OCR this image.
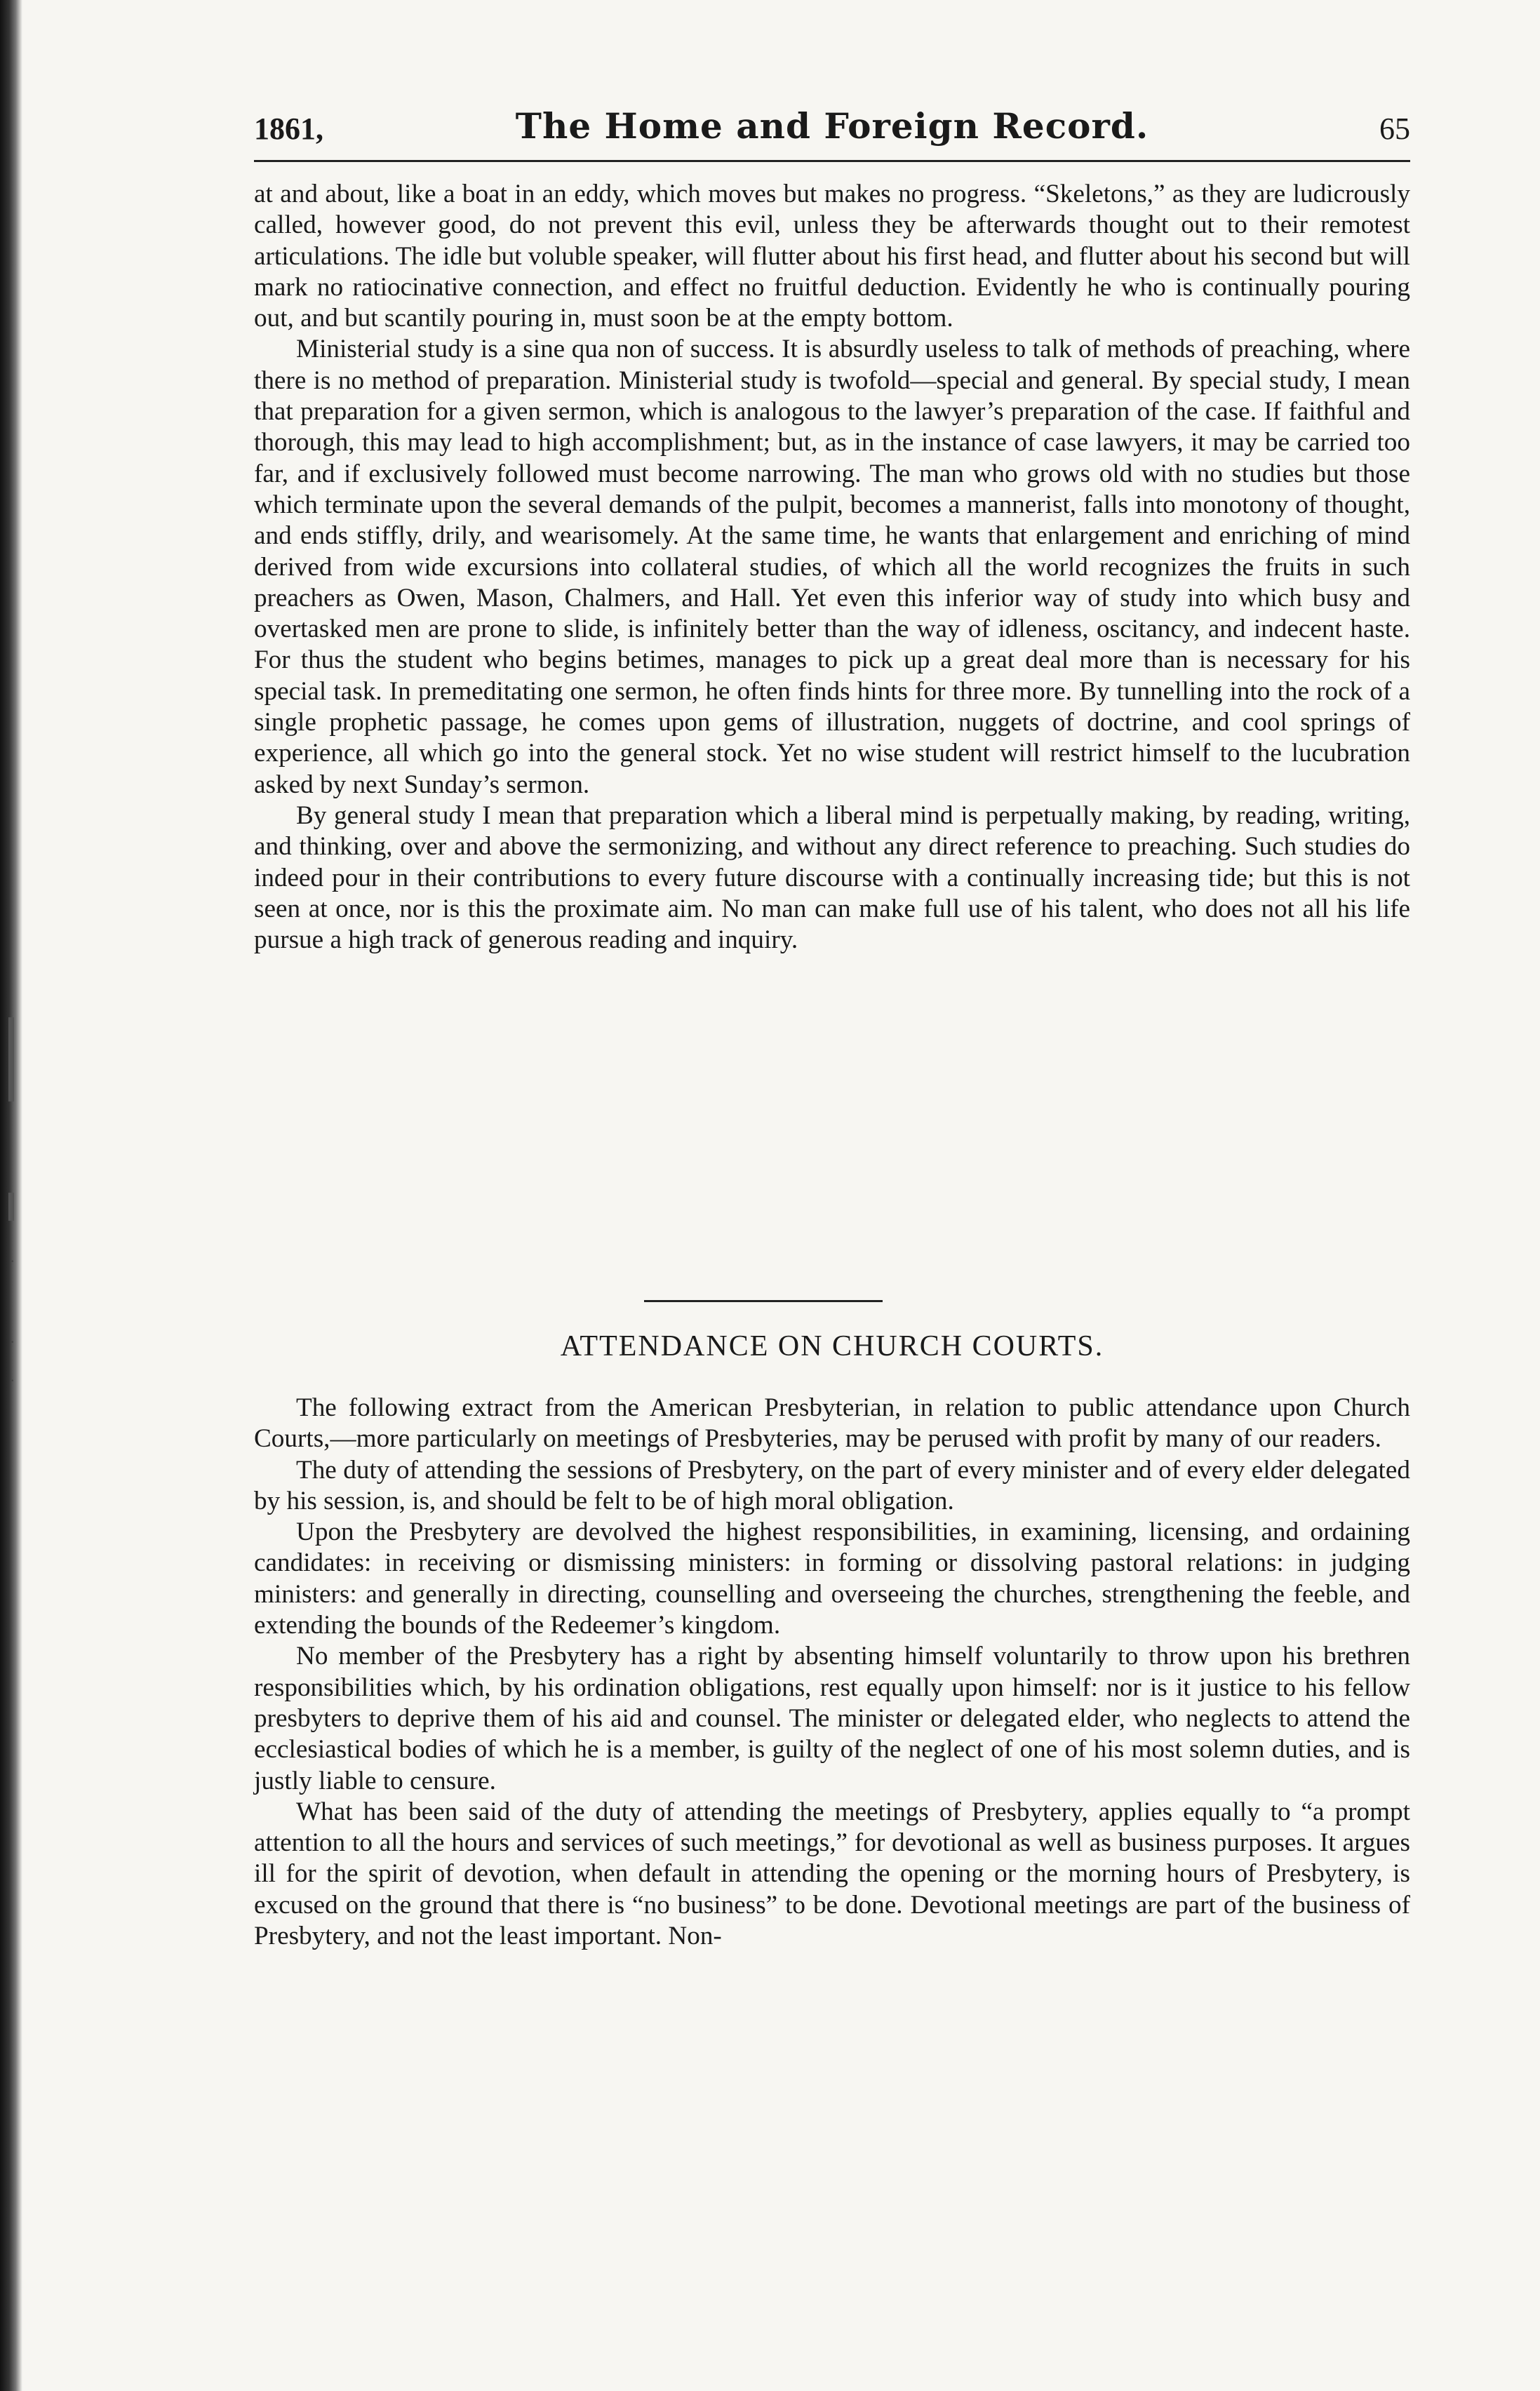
·
·
·
1861,	The Home and Foreign Record.	65

at and about, like a boat in an eddy, which moves but makes no progress. “Skeletons,” as they are ludicrously called, however good, do not prevent this evil, unless they be afterwards thought out to their remotest articulations. The idle but voluble speaker, will flutter about his first head, and flutter about his second but will mark no ratiocinative connection, and effect no fruitful deduction. Evidently he who is continually pouring out, and but scantily pouring in, must soon be at the empty bottom.

Ministerial study is a sine qua non of success. It is absurdly useless to talk of methods of preaching, where there is no method of preparation. Ministerial study is twofold—special and general. By special study, I mean that preparation for a given sermon, which is analogous to the lawyer’s preparation of the case. If faithful and thorough, this may lead to high accomplishment; but, as in the instance of case lawyers, it may be carried too far, and if exclusively followed must become narrowing. The man who grows old with no studies but those which terminate upon the several demands of the pulpit, becomes a mannerist, falls into monotony of thought, and ends stiffly, drily, and wearisomely. At the same time, he wants that enlargement and enriching of mind derived from wide excursions into collateral studies, of which all the world recognizes the fruits in such preachers as Owen, Mason, Chalmers, and Hall. Yet even this inferior way of study into which busy and overtasked men are prone to slide, is infinitely better than the way of idleness, oscitancy, and indecent haste. For thus the student who begins betimes, manages to pick up a great deal more than is necessary for his special task. In premeditating one sermon, he often finds hints for three more. By tunnelling into the rock of a single prophetic passage, he comes upon gems of illustration, nuggets of doctrine, and cool springs of experience, all which go into the general stock. Yet no wise student will restrict himself to the lucubration asked by next Sunday’s sermon.

By general study I mean that preparation which a liberal mind is perpetually making, by reading, writing, and thinking, over and above the sermonizing, and without any direct reference to preaching. Such studies do indeed pour in their contributions to every future discourse with a continually increasing tide; but this is not seen at once, nor is this the proximate aim. No man can make full use of his talent, who does not all his life pursue a high track of generous reading and inquiry.

ATTENDANCE ON CHURCH COURTS.

The following extract from the American Presbyterian, in relation to public attendance upon Church Courts,—more particularly on meetings of Presbyteries, may be perused with profit by many of our readers.

The duty of attending the sessions of Presbytery, on the part of every minister and of every elder delegated by his session, is, and should be felt to be of high moral obligation.

Upon the Presbytery are devolved the highest responsibilities, in examining, licensing, and ordaining candidates: in receiving or dismissing ministers: in forming or dissolving pastoral relations: in judging ministers: and generally in directing, counselling and overseeing the churches, strengthening the feeble, and extending the bounds of the Redeemer’s kingdom.

No member of the Presbytery has a right by absenting himself voluntarily to throw upon his brethren responsibilities which, by his ordination obligations, rest equally upon himself: nor is it justice to his fellow presbyters to deprive them of his aid and counsel. The minister or delegated elder, who neglects to attend the ecclesiastical bodies of which he is a member, is guilty of the neglect of one of his most solemn duties, and is justly liable to censure.

What has been said of the duty of attending the meetings of Presbytery, applies equally to “a prompt attention to all the hours and services of such meetings,” for devotional as well as business purposes. It argues ill for the spirit of devotion, when default in attending the opening or the morning hours of Presbytery, is excused on the ground that there is “no business” to be done. Devotional meetings are part of the business of Presbytery, and not the least important. Non-
